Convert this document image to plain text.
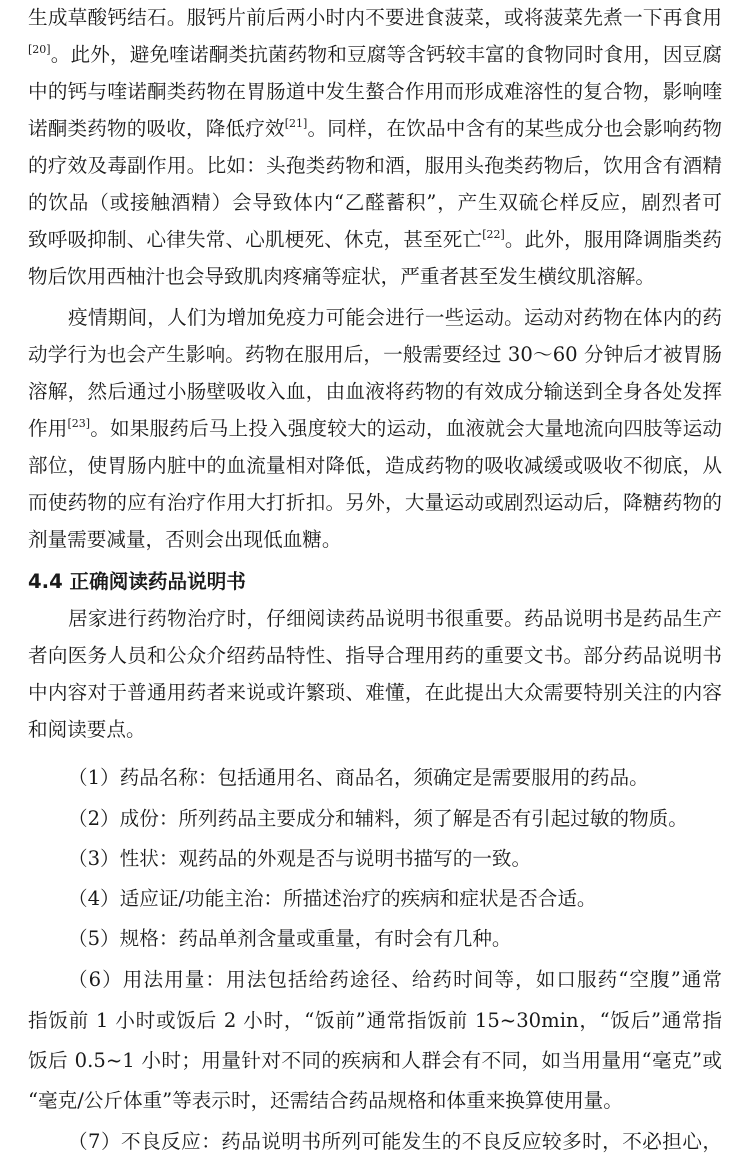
生成草酸钙结石。服钙片前后两小时内不要进食菠菜，或将菠菜先煮一下再食用
[20]。此外，避免喹诺酮类抗菌药物和豆腐等含钙较丰富的食物同时食用，因豆腐
中的钙与喹诺酮类药物在胃肠道中发生螯合作用而形成难溶性的复合物，影响喹
诺酮类药物的吸收，降低疗效[21]。同样，在饮品中含有的某些成分也会影响药物
的疗效及毒副作用。比如：头孢类药物和酒，服用头孢类药物后，饮用含有酒精
的饮品（或接触酒精）会导致体内“乙醛蓄积”，产生双硫仑样反应，剧烈者可
致呼吸抑制、心律失常、心肌梗死、休克，甚至死亡[22]。此外，服用降调脂类药
物后饮用西柚汁也会导致肌肉疼痛等症状，严重者甚至发生横纹肌溶解。
疫情期间，人们为增加免疫力可能会进行一些运动。运动对药物在体内的药
动学行为也会产生影响。药物在服用后，一般需要经过 30～60 分钟后才被胃肠
溶解，然后通过小肠壁吸收入血，由血液将药物的有效成分输送到全身各处发挥
作用[23]。如果服药后马上投入强度较大的运动，血液就会大量地流向四肢等运动
部位，使胃肠内脏中的血流量相对降低，造成药物的吸收减缓或吸收不彻底，从
而使药物的应有治疗作用大打折扣。另外，大量运动或剧烈运动后，降糖药物的
剂量需要减量，否则会出现低血糖。
4.4 正确阅读药品说明书
居家进行药物治疗时，仔细阅读药品说明书很重要。药品说明书是药品生产
者向医务人员和公众介绍药品特性、指导合理用药的重要文书。部分药品说明书
中内容对于普通用药者来说或许繁琐、难懂，在此提出大众需要特别关注的内容
和阅读要点。
（1）药品名称：包括通用名、商品名，须确定是需要服用的药品。
（2）成份：所列药品主要成分和辅料，须了解是否有引起过敏的物质。
（3）性状：观药品的外观是否与说明书描写的一致。
（4）适应证/功能主治：所描述治疗的疾病和症状是否合适。
（5）规格：药品单剂含量或重量，有时会有几种。
（6）用法用量：用法包括给药途径、给药时间等，如口服药“空腹”通常
指饭前 1 小时或饭后 2 小时，“饭前”通常指饭前 15~30min，“饭后”通常指
饭后 0.5~1 小时；用量针对不同的疾病和人群会有不同，如当用量用“毫克”或
“毫克/公斤体重”等表示时，还需结合药品规格和体重来换算使用量。
（7）不良反应：药品说明书所列可能发生的不良反应较多时，不必担心，
